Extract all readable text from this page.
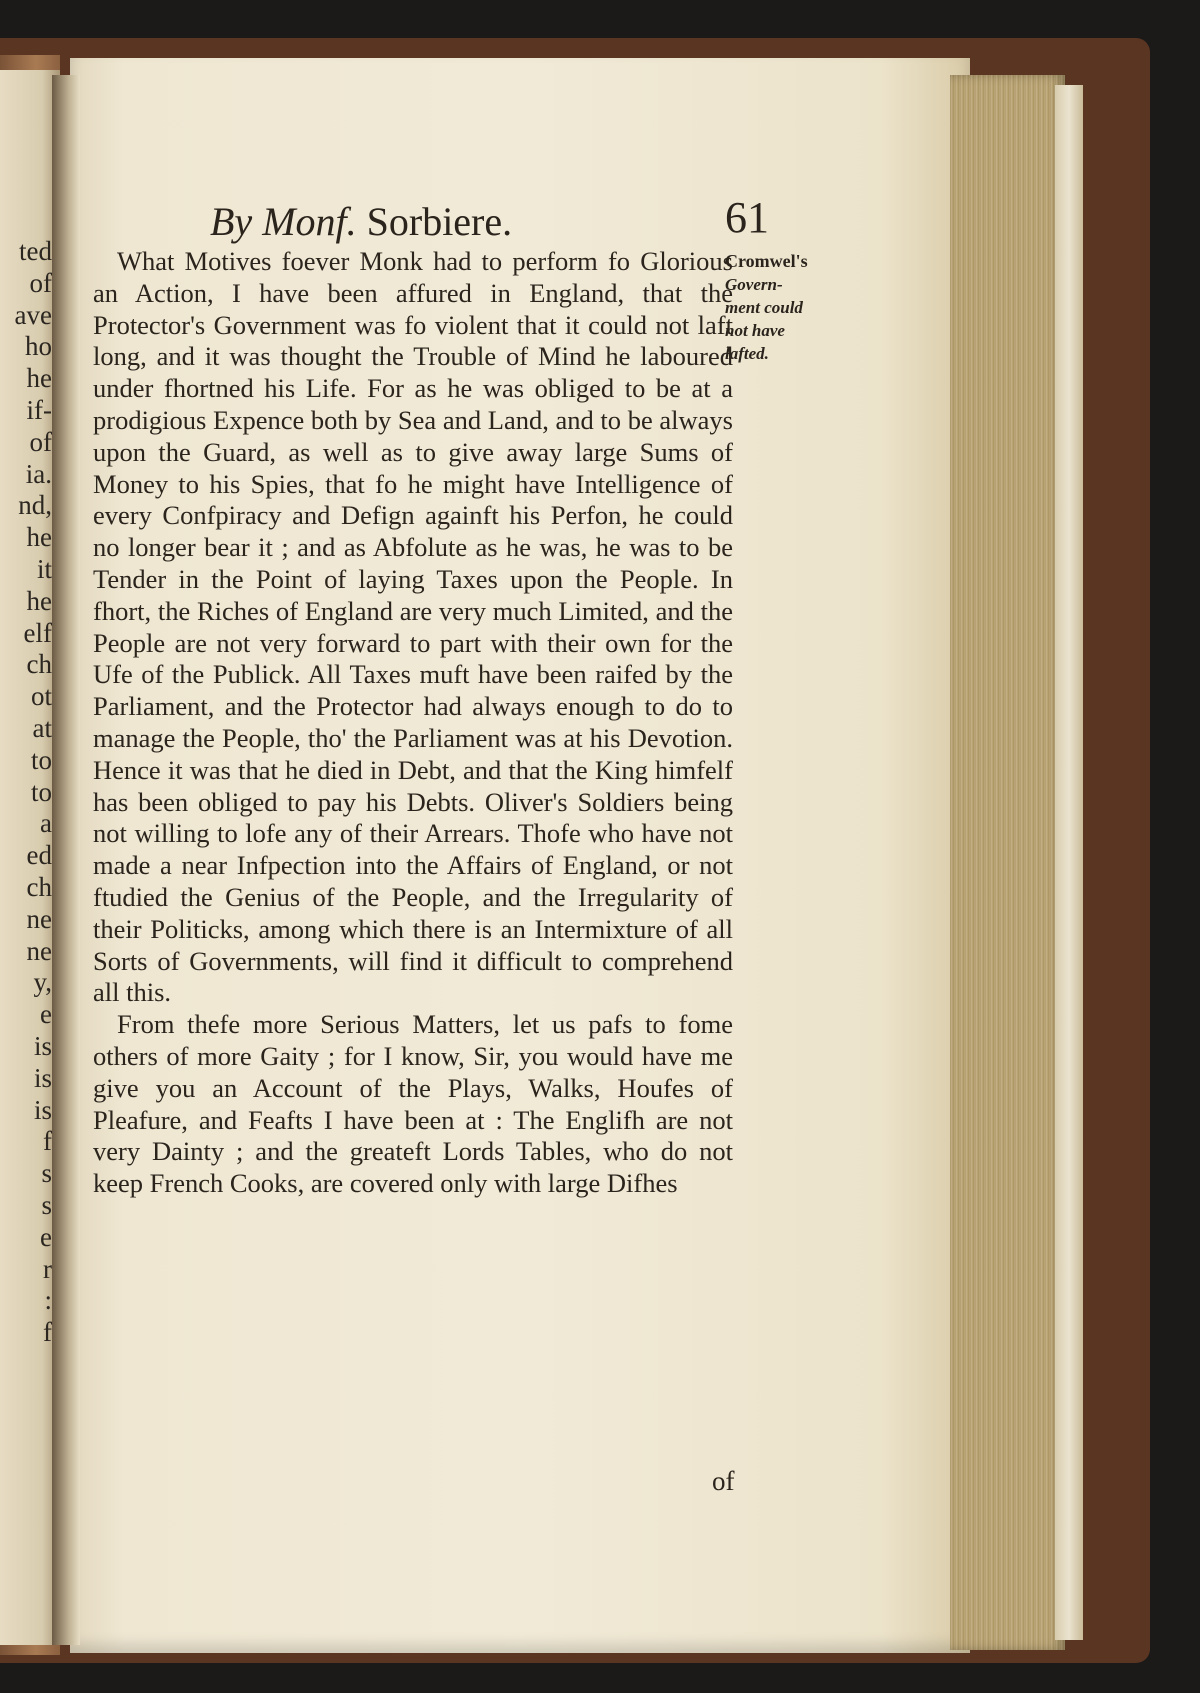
ted
of
ave
ho
he
if-
of
ia.
nd,
he
it
he
elf
ch
ot
at
to
to
a
ed
ch
ne
ne
y,
e
is
is
is
f
s
s
e
r
:
f
By Monf. Sorbiere.	61

What Motives foever Monk had to perform fo Glorious an Action, I have been affured in England, that the Protector's Government was fo violent that it could not laft long, and it was thought the Trouble of Mind he laboured under fhortned his Life. For as he was obliged to be at a prodigious Expence both by Sea and Land, and to be always upon the Guard, as well as to give away large Sums of Money to his Spies, that fo he might have Intelligence of every Confpiracy and Defign againft his Perfon, he could no longer bear it ; and as Abfolute as he was, he was to be Tender in the Point of laying Taxes upon the People. In fhort, the Riches of England are very much Limited, and the People are not very forward to part with their own for the Ufe of the Publick. All Taxes muft have been raifed by the Parliament, and the Protector had always enough to do to manage the People, tho' the Parliament was at his Devotion. Hence it was that he died in Debt, and that the King himfelf has been obliged to pay his Debts. Oliver's Soldiers being not willing to lofe any of their Arrears. Thofe who have not made a near Infpection into the Affairs of England, or not ftudied the Genius of the People, and the Irregularity of their Politicks, among which there is an Intermixture of all Sorts of Governments, will find it difficult to comprehend all this.

From thefe more Serious Matters, let us pafs to fome others of more Gaity ; for I know, Sir, you would have me give you an Account of the Plays, Walks, Houfes of Pleafure, and Feafts I have been at : The Englifh are not very Dainty ; and the greateft Lords Tables, who do not keep French Cooks, are covered only with large Difhes

Cromwel's
Govern-
ment could
not have
lafted.
of
